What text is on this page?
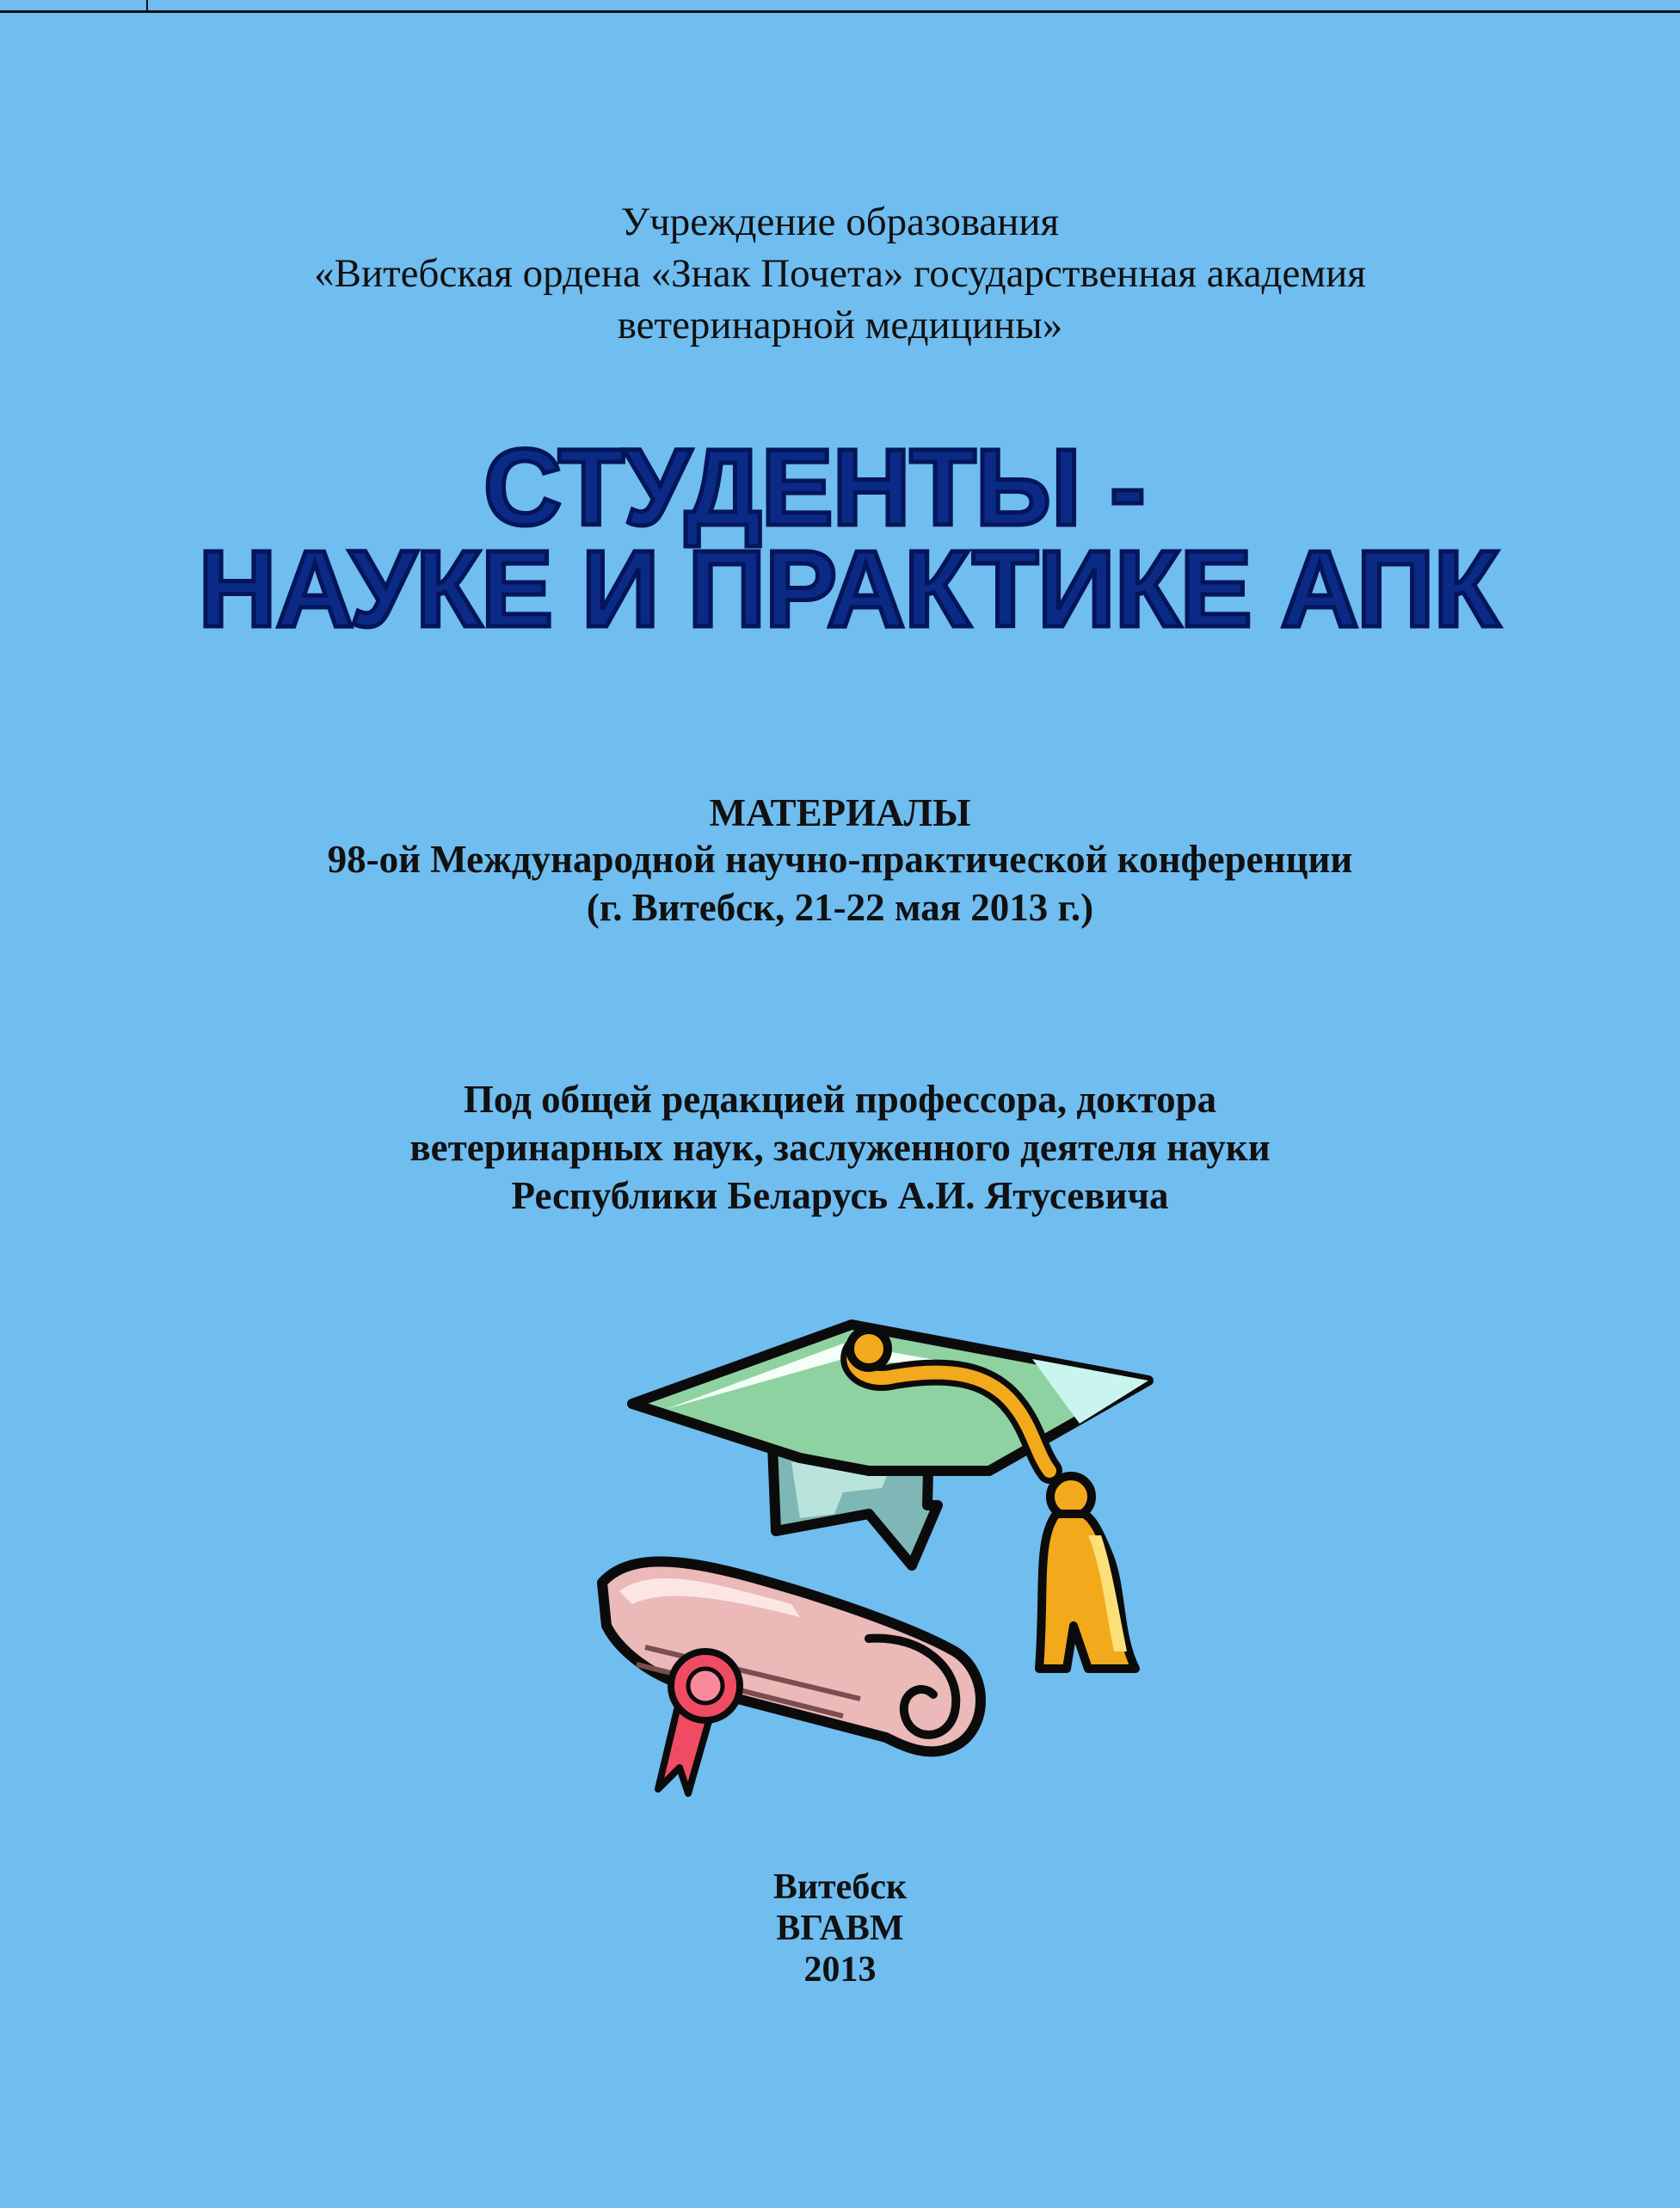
Учреждение образования
«Витебская ордена «Знак Почета» государственная академия
ветеринарной медицины»
СТУДЕНТЫ -
НАУКЕ И ПРАКТИКЕ АПК
МАТЕРИАЛЫ
98-ой Международной научно-практической конференции
(г. Витебск, 21-22 мая 2013 г.)
Под общей редакцией профессора, доктора
ветеринарных наук, заслуженного деятеля науки
Республики Беларусь А.И. Ятусевича
Витебск
ВГАВМ
2013
